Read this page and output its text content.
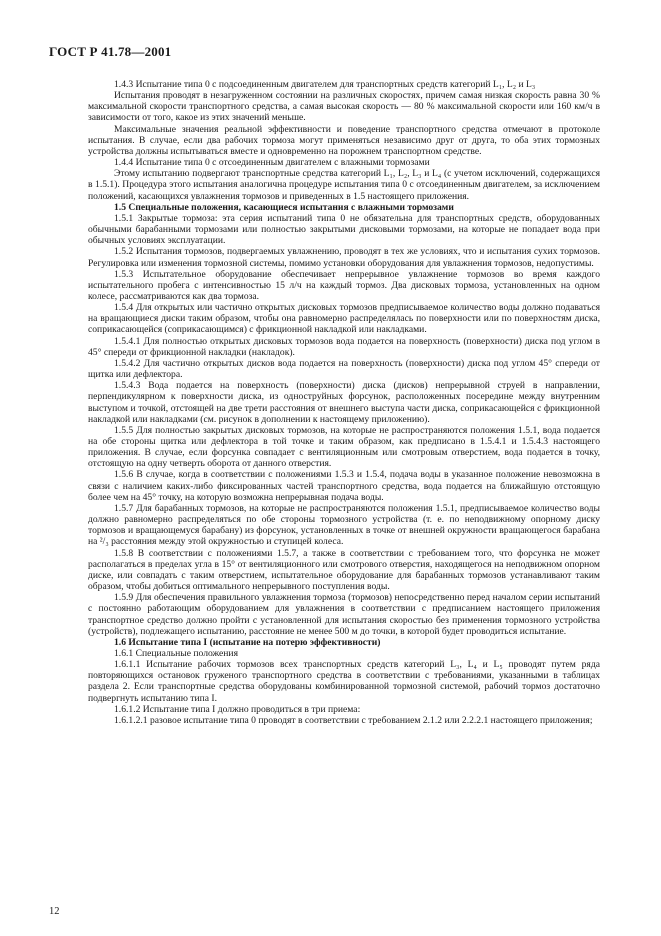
ГОСТ Р 41.78—2001

1.4.3 Испытание типа 0 с подсоединенным двигателем для транспортных средств категорий L₁, L₂ и L₃

Испытания проводят в незагруженном состоянии на различных скоростях, причем самая низкая скорость равна 30 % максимальной скорости транспортного средства, а самая высокая скорость — 80 % максимальной скорости или 160 км/ч в зависимости от того, какое из этих значений меньше.

Максимальные значения реальной эффективности и поведение транспортного средства отмечают в протоколе испытания. В случае, если два рабочих тормоза могут применяться независимо друг от друга, то оба этих тормозных устройства должны испытываться вместе и одновременно на порожнем транспортном средстве.

1.4.4 Испытание типа 0 с отсоединенным двигателем с влажными тормозами

Этому испытанию подвергают транспортные средства категорий L₁, L₂, L₃ и L₄ (с учетом исключений, содержащихся в 1.5.1). Процедура этого испытания аналогична процедуре испытания типа 0 с отсоединенным двигателем, за исключением положений, касающихся увлажнения тормозов и приведенных в 1.5 настоящего приложения.

1.5 Специальные положения, касающиеся испытания с влажными тормозами

1.5.1 Закрытые тормоза: эта серия испытаний типа 0 не обязательна для транспортных средств, оборудованных обычными барабанными тормозами или полностью закрытыми дисковыми тормозами, на которые не попадает вода при обычных условиях эксплуатации.

1.5.2 Испытания тормозов, подвергаемых увлажнению, проводят в тех же условиях, что и испытания сухих тормозов. Регулировка или изменения тормозной системы, помимо установки оборудования для увлажнения тормозов, недопустимы.

1.5.3 Испытательное оборудование обеспечивает непрерывное увлажнение тормозов во время каждого испытательного пробега с интенсивностью 15 л/ч на каждый тормоз. Два дисковых тормоза, установленных на одном колесе, рассматриваются как два тормоза.

1.5.4 Для открытых или частично открытых дисковых тормозов предписываемое количество воды должно подаваться на вращающиеся диски таким образом, чтобы она равномерно распределялась по поверхности или по поверхностям диска, соприкасающейся (соприкасающимся) с фрикционной накладкой или накладками.

1.5.4.1 Для полностью открытых дисковых тормозов вода подается на поверхность (поверхности) диска под углом в 45° спереди от фрикционной накладки (накладок).

1.5.4.2 Для частично открытых дисков вода подается на поверхность (поверхности) диска под углом 45° спереди от щитка или дефлектора.

1.5.4.3 Вода подается на поверхность (поверхности) диска (дисков) непрерывной струей в направлении, перпендикулярном к поверхности диска, из одноструйных форсунок, расположенных посередине между внутренним выступом и точкой, отстоящей на две трети расстояния от внешнего выступа части диска, соприкасающейся с фрикционной накладкой или накладками (см. рисунок в дополнении к настоящему приложению).

1.5.5 Для полностью закрытых дисковых тормозов, на которые не распространяются положения 1.5.1, вода подается на обе стороны щитка или дефлектора в той точке и таким образом, как предписано в 1.5.4.1 и 1.5.4.3 настоящего приложения. В случае, если форсунка совпадает с вентиляционным или смотровым отверстием, вода подается в точку, отстоящую на одну четверть оборота от данного отверстия.

1.5.6 В случае, когда в соответствии с положениями 1.5.3 и 1.5.4, подача воды в указанное положение невозможна в связи с наличием каких-либо фиксированных частей транспортного средства, вода подается на ближайшую отстоящую более чем на 45° точку, на которую возможна непрерывная подача воды.

1.5.7 Для барабанных тормозов, на которые не распространяются положения 1.5.1, предписываемое количество воды должно равномерно распределяться по обе стороны тормозного устройства (т. е. по неподвижному опорному диску тормозов и вращающемуся барабану) из форсунок, установленных в точке от внешней окружности вращающегося барабана на ²/₃ расстояния между этой окружностью и ступицей колеса.

1.5.8 В соответствии с положениями 1.5.7, а также в соответствии с требованием того, что форсунка не может располагаться в пределах угла в 15° от вентиляционного или смотрового отверстия, находящегося на неподвижном опорном диске, или совпадать с таким отверстием, испытательное оборудование для барабанных тормозов устанавливают таким образом, чтобы добиться оптимального непрерывного поступления воды.

1.5.9 Для обеспечения правильного увлажнения тормоза (тормозов) непосредственно перед началом серии испытаний с постоянно работающим оборудованием для увлажнения в соответствии с предписанием настоящего приложения транспортное средство должно пройти с установленной для испытания скоростью без применения тормозного устройства (устройств), подлежащего испытанию, расстояние не менее 500 м до точки, в которой будет проводиться испытание.

1.6 Испытание типа I (испытание на потерю эффективности)

1.6.1 Специальные положения

1.6.1.1 Испытание рабочих тормозов всех транспортных средств категорий L₃, L₄ и L₅ проводят путем ряда повторяющихся остановок груженого транспортного средства в соответствии с требованиями, указанными в таблицах раздела 2. Если транспортные средства оборудованы комбинированной тормозной системой, рабочий тормоз достаточно подвергнуть испытанию типа I.

1.6.1.2 Испытание типа I должно проводиться в три приема:

1.6.1.2.1 разовое испытание типа 0 проводят в соответствии с требованием 2.1.2 или 2.2.2.1 настоящего приложения;

12
